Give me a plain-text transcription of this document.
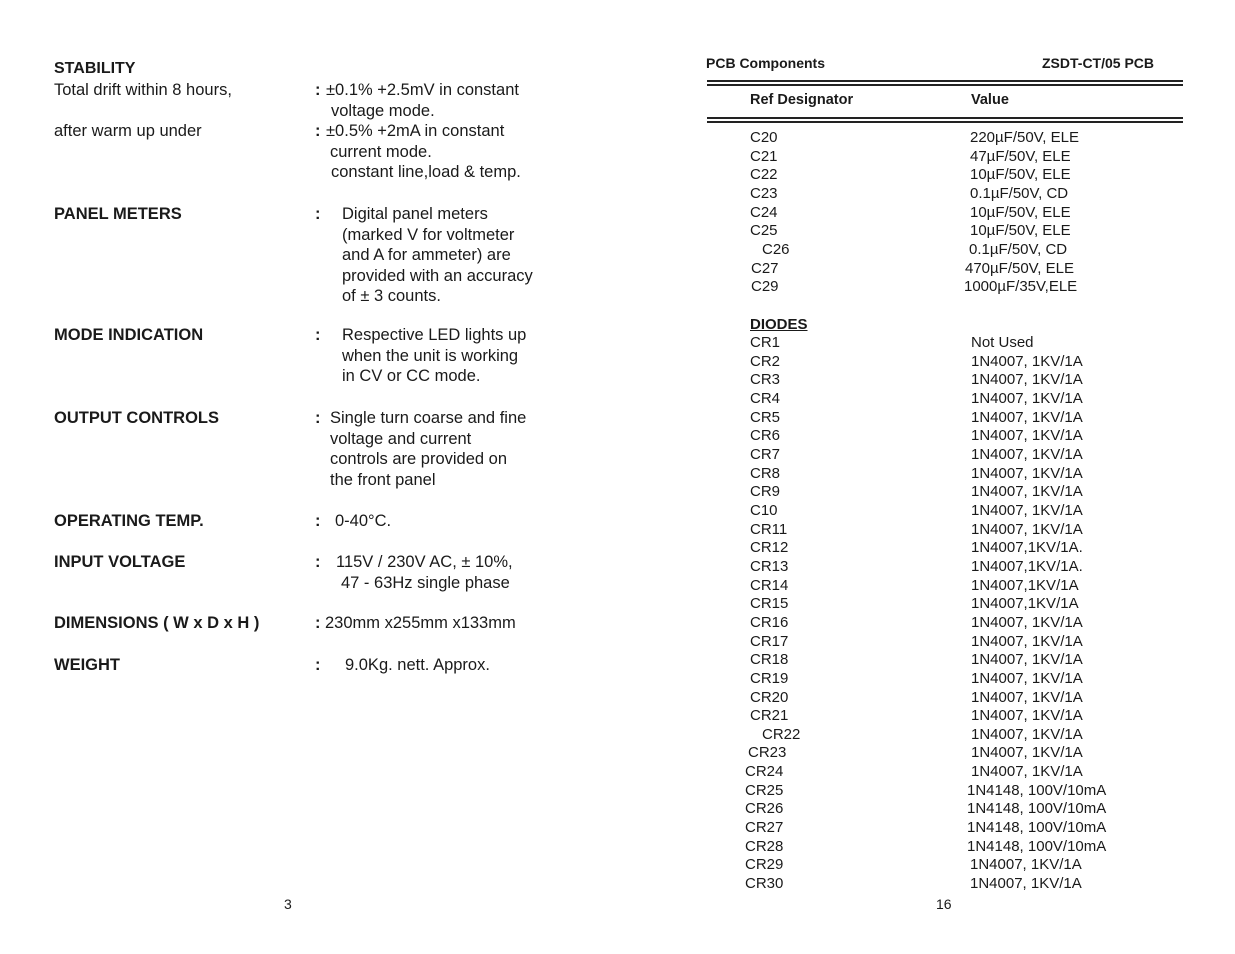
STABILITY
Total drift within 8 hours,	: ±0.1% +2.5mV in constant
voltage mode.
after warm up under	: ±0.5% +2mA in constant
current mode.
constant line,load & temp.
PANEL METERS	: Digital panel meters
(marked V for voltmeter
and A for ammeter) are
provided with an accuracy
of ± 3 counts.
MODE INDICATION	: Respective LED lights up
when the unit is working
in CV or CC mode.
OUTPUT CONTROLS	: Single turn coarse and fine
voltage and current
controls are provided on
the front panel
OPERATING TEMP.	: 0-40°C.
INPUT VOLTAGE	: 115V / 230V AC, ± 10%,
47 - 63Hz single phase
DIMENSIONS ( W x D x H )	: 230mm x255mm x133mm
WEIGHT	: 9.0Kg. nett. Approx.
3
PCB Components	ZSDT-CT/05 PCB
Ref Designator	Value
C20	220µF/50V, ELE
C21	47µF/50V, ELE
C22	10µF/50V, ELE
C23	0.1µF/50V, CD
C24	10µF/50V, ELE
C25	10µF/50V, ELE
C26	0.1µF/50V, CD
C27	470µF/50V, ELE
C29	1000µF/35V,ELE
DIODES
CR1	Not Used
CR2	1N4007, 1KV/1A
CR3	1N4007, 1KV/1A
CR4	1N4007, 1KV/1A
CR5	1N4007, 1KV/1A
CR6	1N4007, 1KV/1A
CR7	1N4007, 1KV/1A
CR8	1N4007, 1KV/1A
CR9	1N4007, 1KV/1A
C10	1N4007, 1KV/1A
CR11	1N4007, 1KV/1A
CR12	1N4007,1KV/1A.
CR13	1N4007,1KV/1A.
CR14	1N4007,1KV/1A
CR15	1N4007,1KV/1A
CR16	1N4007, 1KV/1A
CR17	1N4007, 1KV/1A
CR18	1N4007, 1KV/1A
CR19	1N4007, 1KV/1A
CR20	1N4007, 1KV/1A
CR21	1N4007, 1KV/1A
CR22	1N4007, 1KV/1A
CR23	1N4007, 1KV/1A
CR24	1N4007, 1KV/1A
CR25	1N4148, 100V/10mA
CR26	1N4148, 100V/10mA
CR27	1N4148, 100V/10mA
CR28	1N4148, 100V/10mA
CR29	1N4007, 1KV/1A
CR30	1N4007, 1KV/1A
16
